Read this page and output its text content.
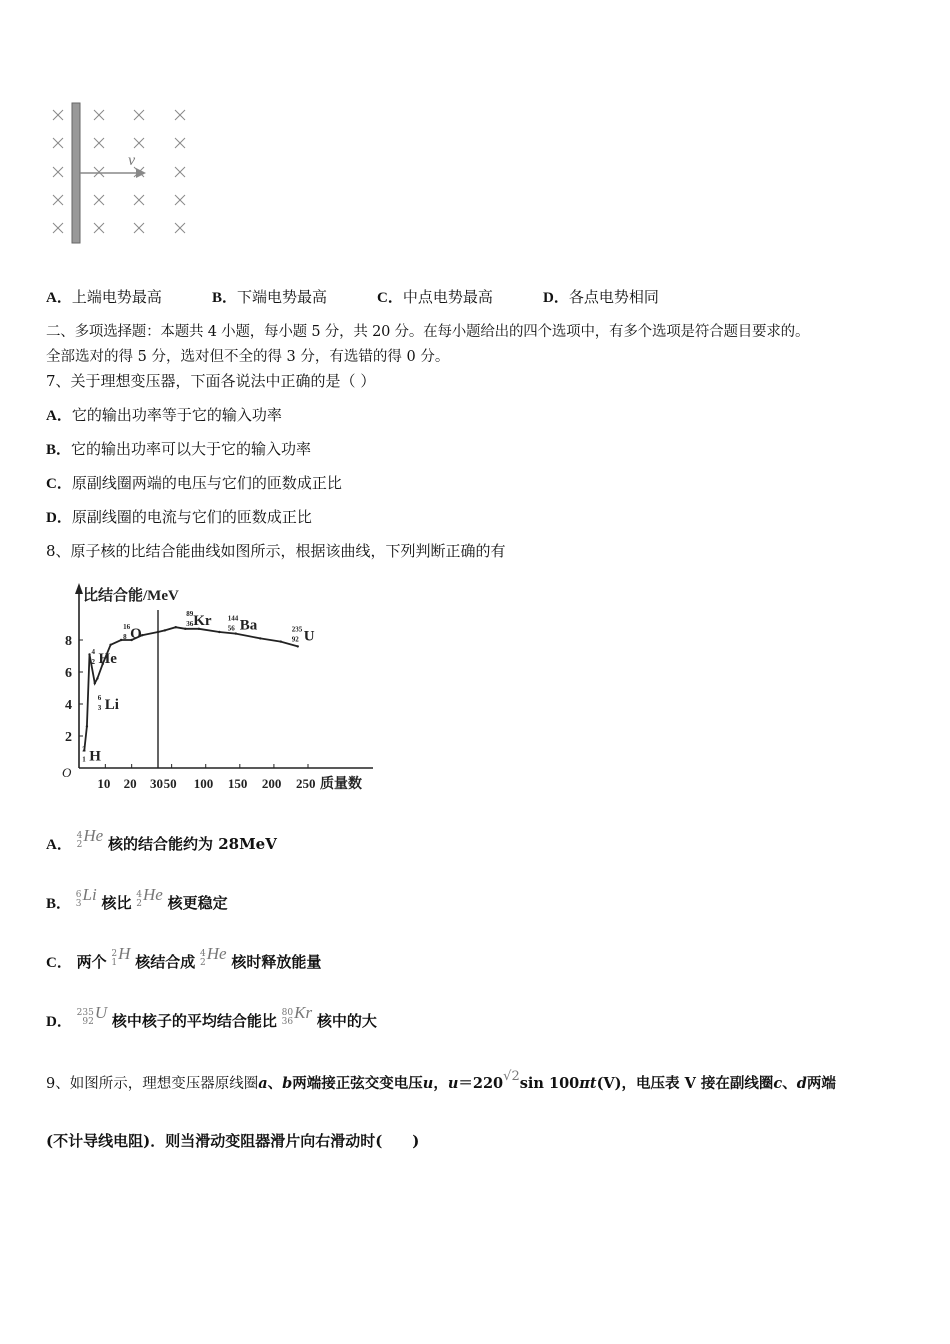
v
A．上端电势最高	B．下端电势最高	C．中点电势最高	D．各点电势相同
二、多项选择题：本题共 4 小题，每小题 5 分，共 20 分。在每小题给出的四个选项中，有多个选项是符合题目要求的。
全部选对的得 5 分，选对但不全的得 3 分，有选错的得 0 分。
7、关于理想变压器，下面各说法中正确的是（ ）
A．它的输出功率等于它的输入功率
B．它的输出功率可以大于它的输入功率
C．原副线圈两端的电压与它们的匝数成正比
D．原副线圈的电流与它们的匝数成正比
8、原子核的比结合能曲线如图所示，根据该曲线，下列判断正确的有
比结合能/MeV
O
质量数
2
4
6
8
10 20 30 50 100 150 200 250
4
2 He
6
3 Li
2
1 H
16
8 O
89
36 Kr 144
56 Ba	235
92 U
A．
4
2 He 核的结合能约为 28MeV
B．
6
3 Li 核比 4
2 He 核更稳定
C． 两个 2
1 H 核结合成 4
2 He 核时释放能量
D．
235
92 U 核中核子的平均结合能比 80
36 Kr 核中的大
9、如图所示，理想变压器原线圈a、b两端接正弦交变电压u，u＝220√2sin 100πt(V)，电压表 V 接在副线圈c、d两端
(不计导线电阻)．则当滑动变阻器滑片向右滑动时(　　)
